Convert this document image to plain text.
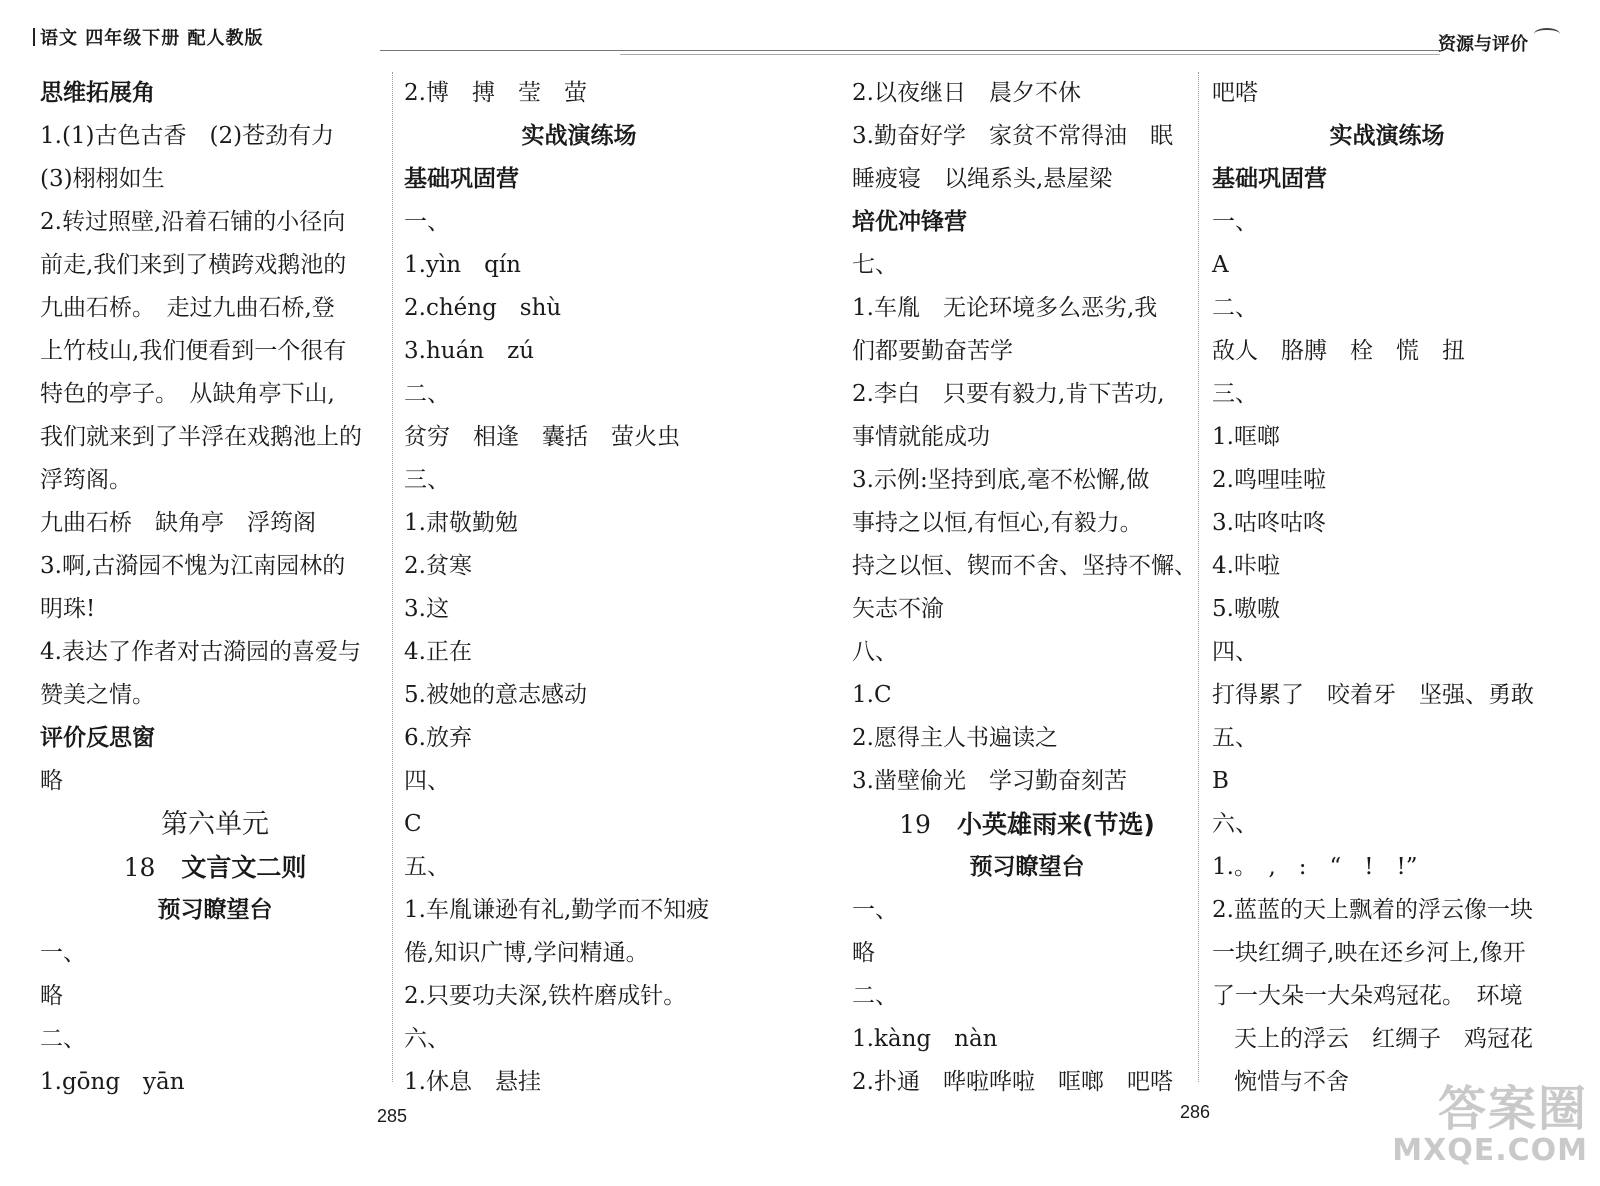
语文 四年级下册 配人教版	资源与评价

思维拓展角

1.(1)古色古香　(2)苍劲有力

(3)栩栩如生

2.转过照壁,沿着石铺的小径向

前走,我们来到了横跨戏鹅池的

九曲石桥。　走过九曲石桥,登

上竹枝山,我们便看到一个很有

特色的亭子。　从缺角亭下山,

我们就来到了半浮在戏鹅池上的

浮筠阁。

九曲石桥　缺角亭　浮筠阁

3.啊,古漪园不愧为江南园林的

明珠!

4.表达了作者对古漪园的喜爱与

赞美之情。

评价反思窗

略

第六单元

18 文言文二则

预习瞭望台

一、

略

二、

1.gōng　yān

2.博　搏　莹　萤

实战演练场

基础巩固营

一、

1.yìn　qín

2.chéng　shù

3.huán　zú

二、

贫穷　相逢　囊括　萤火虫

三、

1.肃敬勤勉

2.贫寒

3.这

4.正在

5.被她的意志感动

6.放弃

四、

C

五、

1.车胤谦逊有礼,勤学而不知疲

倦,知识广博,学问精通。

2.只要功夫深,铁杵磨成针。

六、

1.休息　悬挂

2.以夜继日　晨夕不休

3.勤奋好学　家贫不常得油　眠

睡疲寝　以绳系头,悬屋梁

培优冲锋营

七、

1.车胤　无论环境多么恶劣,我

们都要勤奋苦学

2.李白　只要有毅力,肯下苦功,

事情就能成功

3.示例:坚持到底,毫不松懈,做

事持之以恒,有恒心,有毅力。

持之以恒、锲而不舍、坚持不懈、

矢志不渝

八、

1.C

2.愿得主人书遍读之

3.凿壁偷光　学习勤奋刻苦

19 小英雄雨来(节选)

预习瞭望台

一、

略

二、

1.kàng　nàn

2.扑通　哗啦哗啦　哐啷　吧嗒

吧嗒

实战演练场

基础巩固营

一、

A

二、

敌人　胳膊　栓　慌　扭

三、

1.哐啷

2.鸣哩哇啦

3.咕咚咕咚

4.咔啦

5.嗷嗷

四、

打得累了　咬着牙　坚强、勇敢

五、

B

六、

1.。　,　:　“　!　!”

2.蓝蓝的天上飘着的浮云像一块

一块红绸子,映在还乡河上,像开

了一大朵一大朵鸡冠花。　环境

天上的浮云　红绸子　鸡冠花

惋惜与不舍

285	286	答案圈
MXQE.COM
